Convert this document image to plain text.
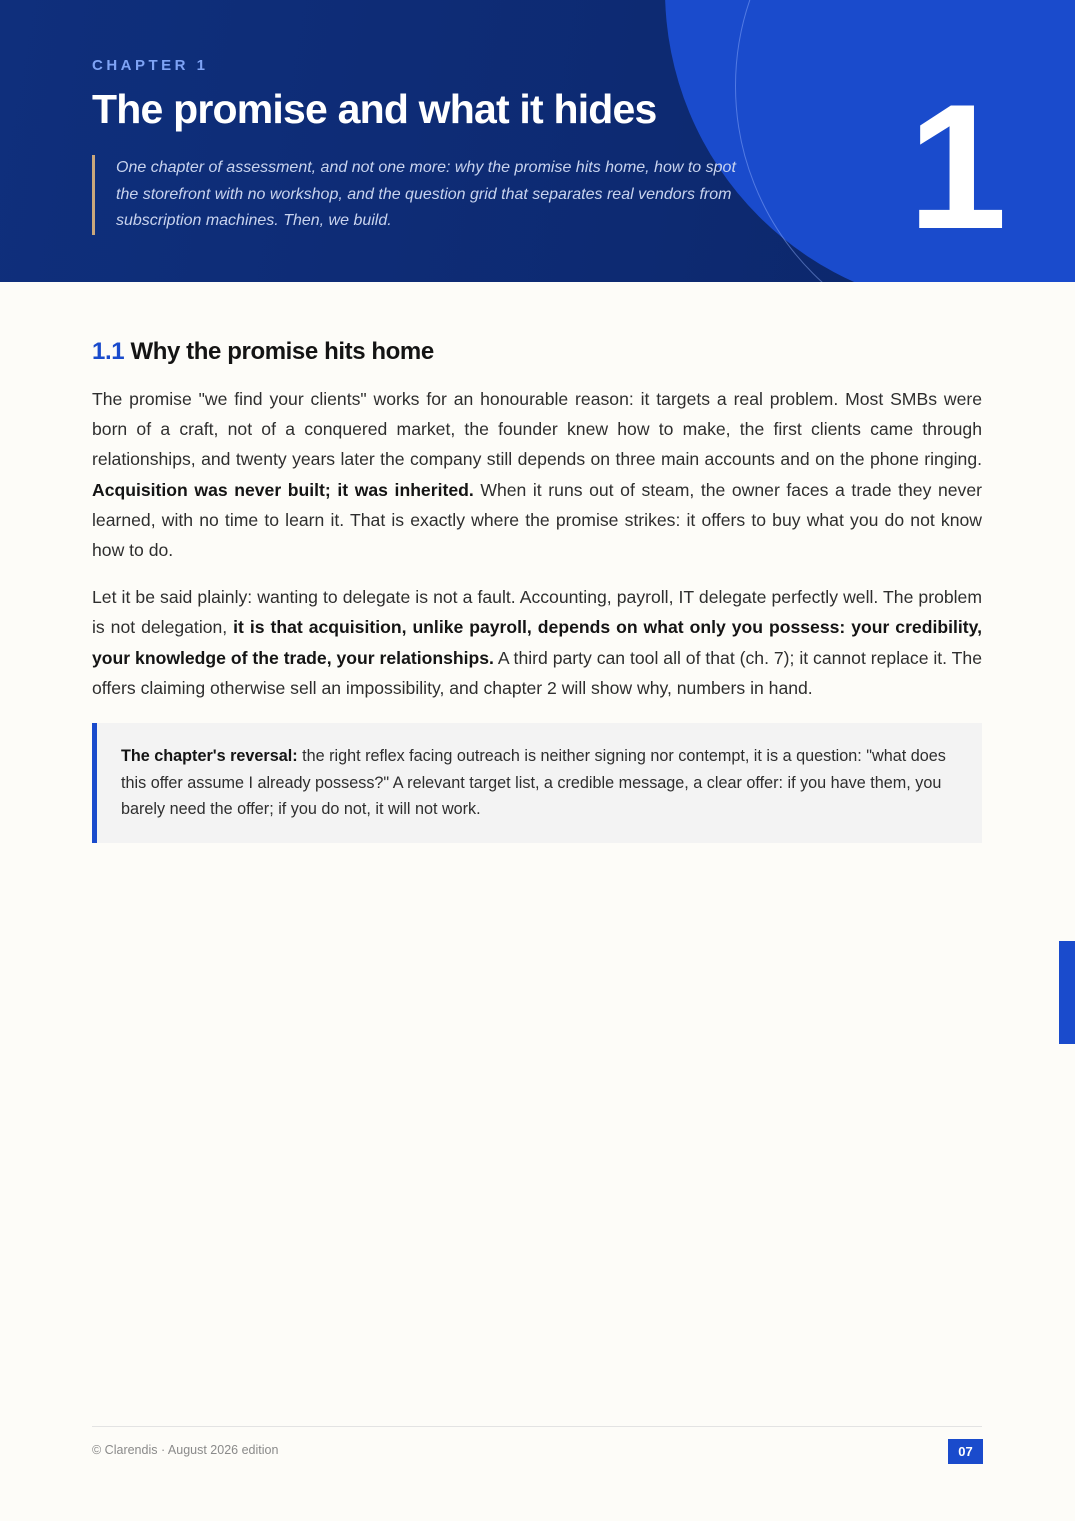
CHAPTER 1
The promise and what it hides
One chapter of assessment, and not one more: why the promise hits home, how to spot the storefront with no workshop, and the question grid that separates real vendors from subscription machines. Then, we build.	1
1.1 Why the promise hits home

The promise "we find your clients" works for an honourable reason: it targets a real problem. Most SMBs were born of a craft, not of a conquered market, the founder knew how to make, the first clients came through relationships, and twenty years later the company still depends on three main accounts and on the phone ringing. Acquisition was never built; it was inherited. When it runs out of steam, the owner faces a trade they never learned, with no time to learn it. That is exactly where the promise strikes: it offers to buy what you do not know how to do.

Let it be said plainly: wanting to delegate is not a fault. Accounting, payroll, IT delegate perfectly well. The problem is not delegation, it is that acquisition, unlike payroll, depends on what only you possess: your credibility, your knowledge of the trade, your relationships. A third party can tool all of that (ch. 7); it cannot replace it. The offers claiming otherwise sell an impossibility, and chapter 2 will show why, numbers in hand.

The chapter's reversal: the right reflex facing outreach is neither signing nor contempt, it is a question: "what does this offer assume I already possess?" A relevant target list, a credible message, a clear offer: if you have them, you barely need the offer; if you do not, it will not work.
© Clarendis · August 2026 edition	07
